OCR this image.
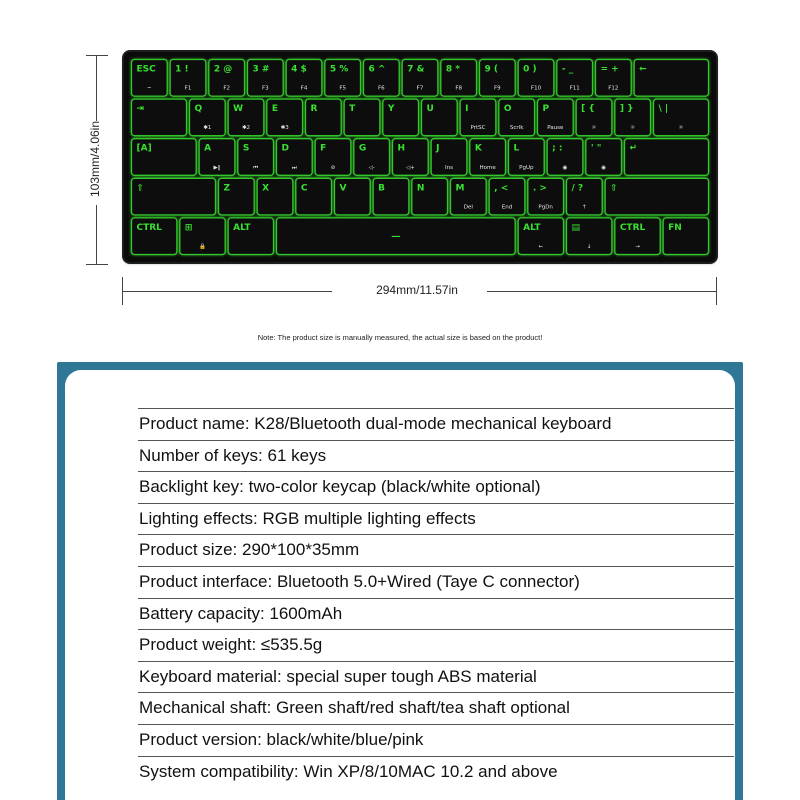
103mm/4.06in
ESC
~
1 !
F1
2 @
F2
3 #
F3
4 $
F4
5 %
F5
6 ^
F6
7 &
F7
8 *
F8
9 (
F9
0 )
F10
- _
F11
= +
F12
←
⇥	Q
✱1
W
✱2
E
✱3
R	T	Y	U	I
PrtSC
O
Scrlk
P
Pause
[ {
☼
] }
☼
\ |
☼
[A]	A
▶‖
S
⏮
D
⏭
F
⊘
G
◁-
H
◁+
J
Ins
K
Home
L
PgUp
; :
◉
' "
◉
↵
⇧	Z	X	C	V	B	N	M
Del
, <
End
. >
PgDn
/ ?
↑
⇧
CTRL	⊞
🔒
ALT
—
ALT
←
▤
↓
CTRL
→
FN
294mm/11.57in
Note: The product size is manually measured, the actual size is based on the product!
Product name: K28/Bluetooth dual-mode mechanical keyboard
Number of keys: 61 keys
Backlight key: two-color keycap (black/white optional)
Lighting effects: RGB multiple lighting effects
Product size: 290*100*35mm
Product interface: Bluetooth 5.0+Wired (Taye C connector)
Battery capacity: 1600mAh
Product weight: ≤535.5g
Keyboard material: special super tough ABS material
Mechanical shaft: Green shaft/red shaft/tea shaft optional
Product version: black/white/blue/pink
System compatibility: Win XP/8/10MAC 10.2 and above
